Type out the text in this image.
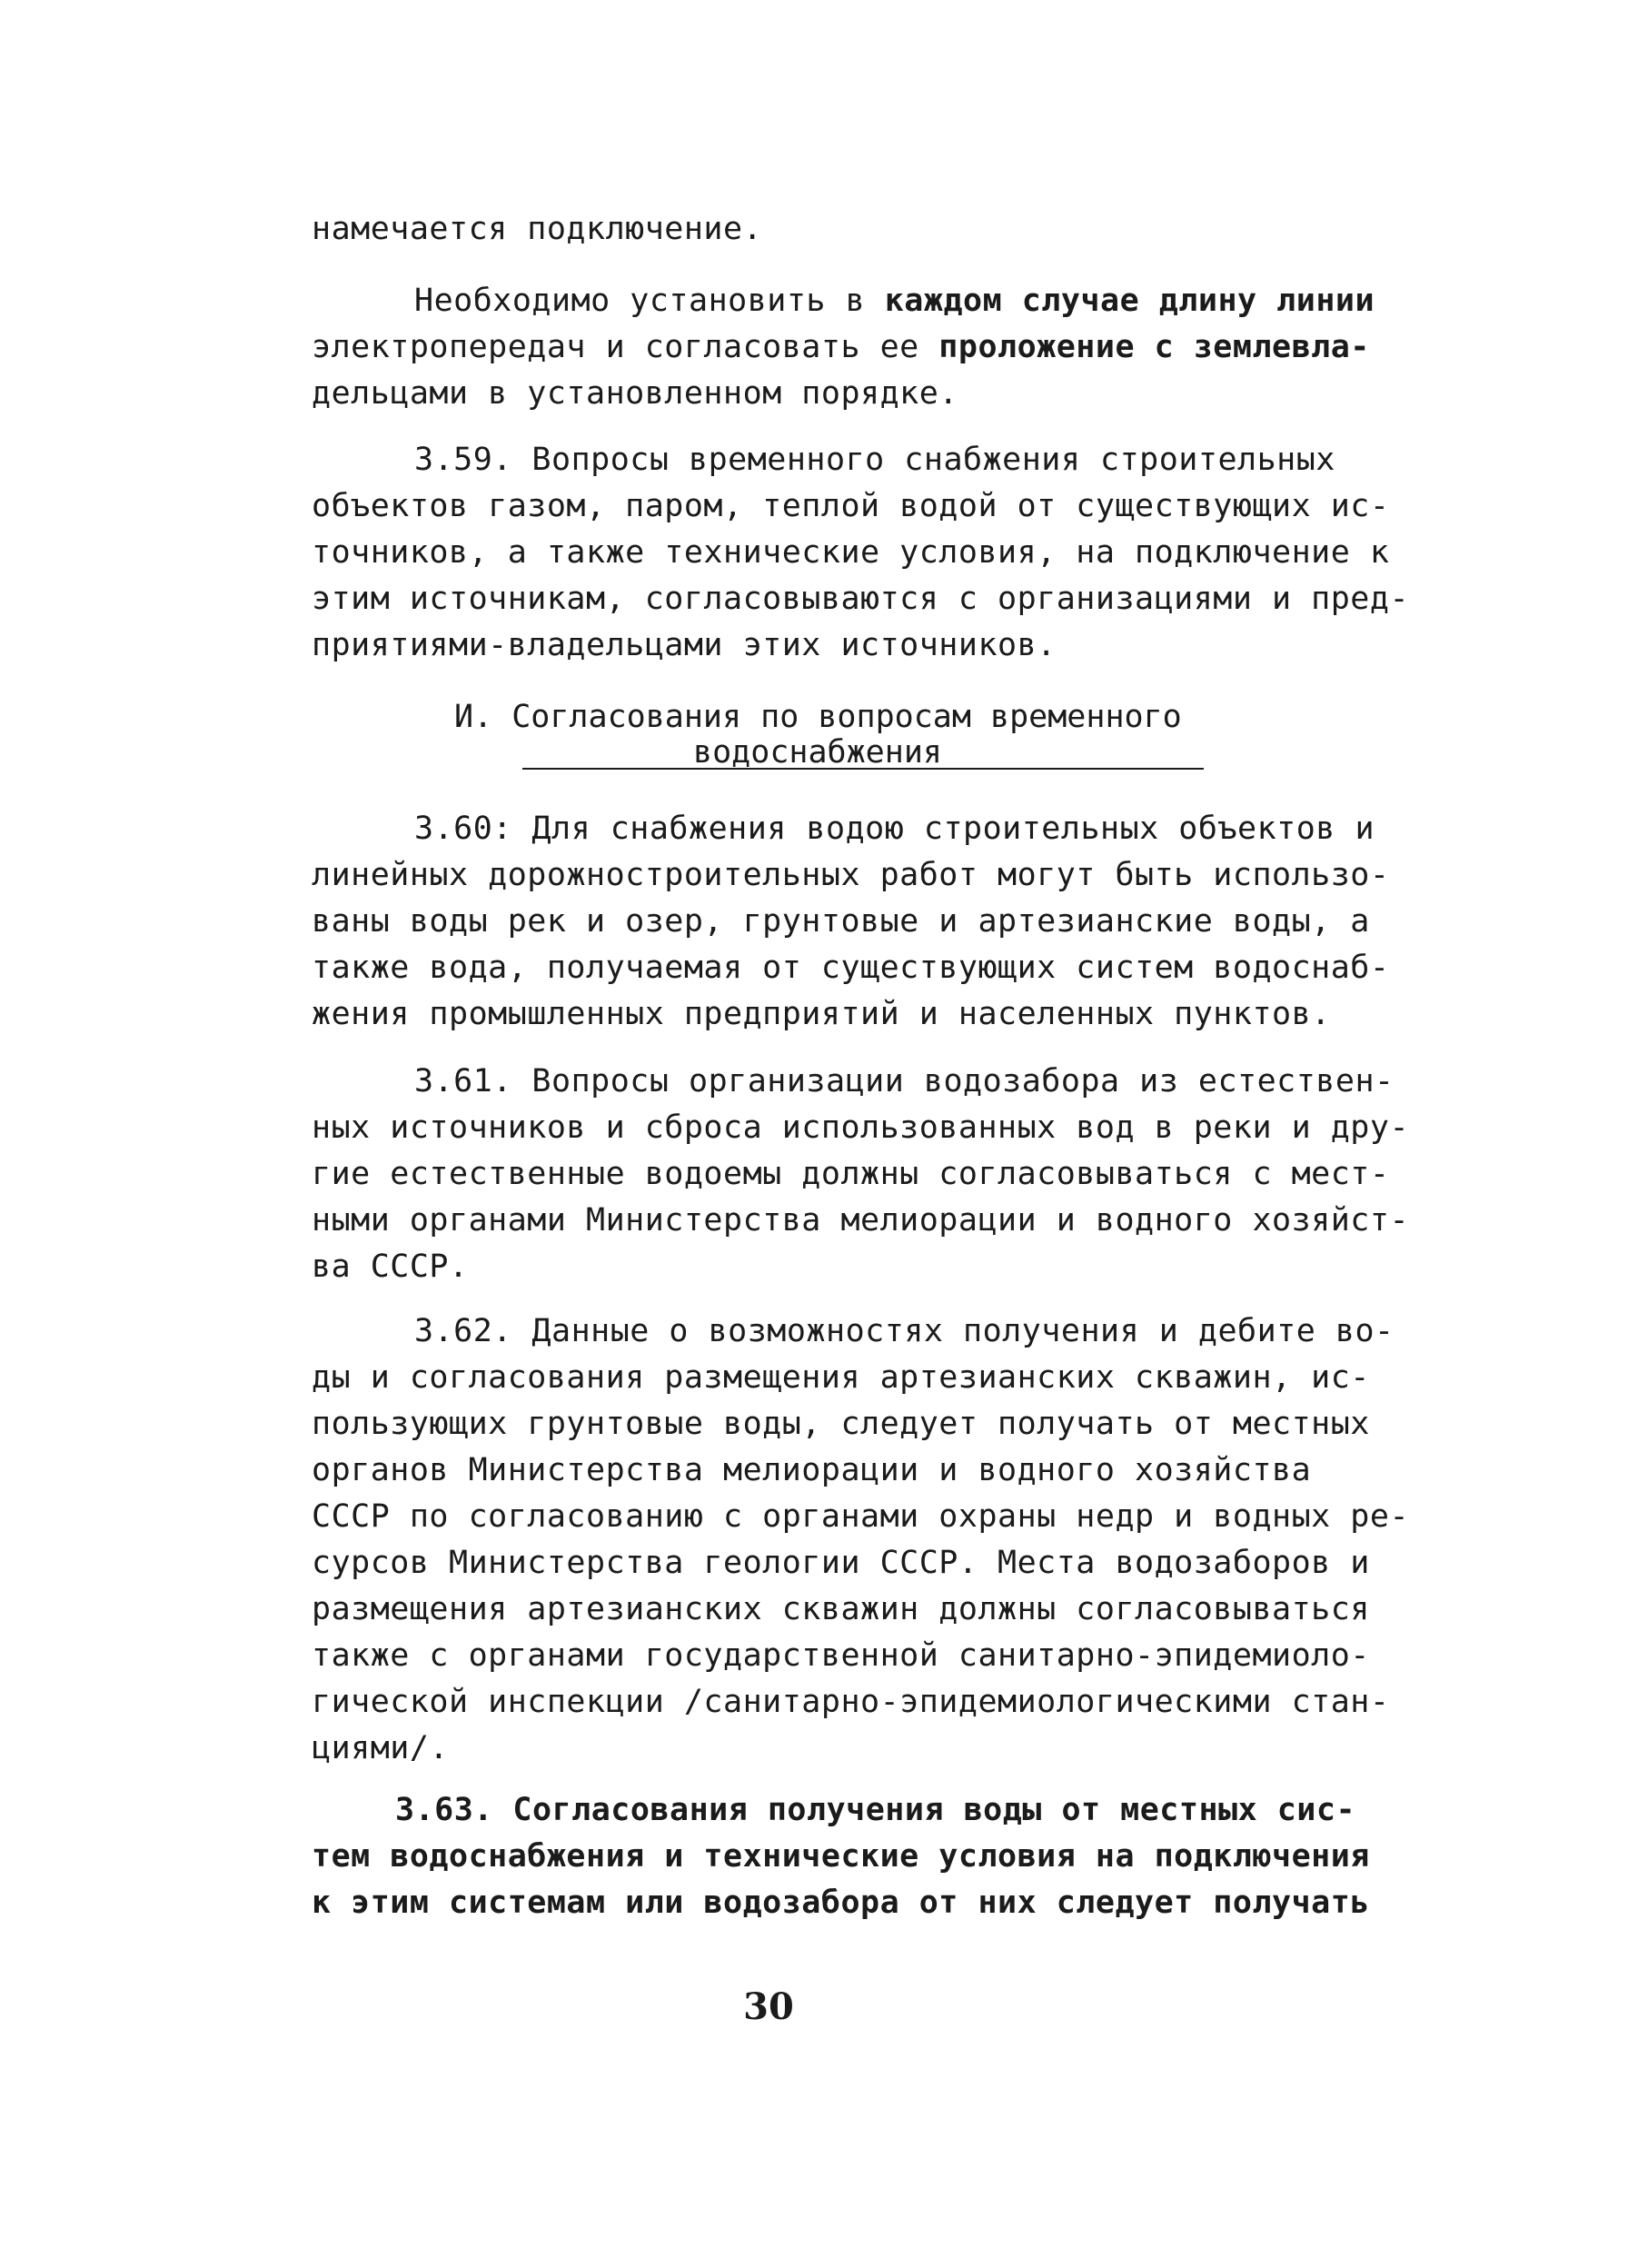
намечается подключение.
Необходимо установить в каждом случае длину линии
электропередач и согласовать ее проложение с землевла-
дельцами в установленном порядке.
3.59. Вопросы временного снабжения строительных
объектов газом, паром, теплой водой от существующих ис-
точников, а также технические условия, на подключение к
этим источникам, согласовываются с организациями и пред-
приятиями-владельцами этих источников.
И. Согласования по вопросам временного
водоснабжения
3.60: Для снабжения водою строительных объектов и
линейных дорожностроительных работ могут быть использо-
ваны воды рек и озер, грунтовые и артезианские воды, а
также вода, получаемая от существующих систем водоснаб-
жения промышленных предприятий и населенных пунктов.
3.61. Вопросы организации водозабора из естествен-
ных источников и сброса использованных вод в реки и дру-
гие естественные водоемы должны согласовываться с мест-
ными органами Министерства мелиорации и водного хозяйст-
ва СССР.
3.62. Данные о возможностях получения и дебите во-
ды и согласования размещения артезианских скважин, ис-
пользующих грунтовые воды, следует получать от местных
органов Министерства мелиорации и водного хозяйства
СССР по согласованию с органами охраны недр и водных ре-
сурсов Министерства геологии СССР. Места водозаборов и
размещения артезианских скважин должны согласовываться
также с органами государственной санитарно-эпидемиоло-
гической инспекции /санитарно-эпидемиологическими стан-
циями/.
3.63. Согласования получения воды от местных сис-
тем водоснабжения и технические условия на подключения
к этим системам или водозабора от них следует получать
30
